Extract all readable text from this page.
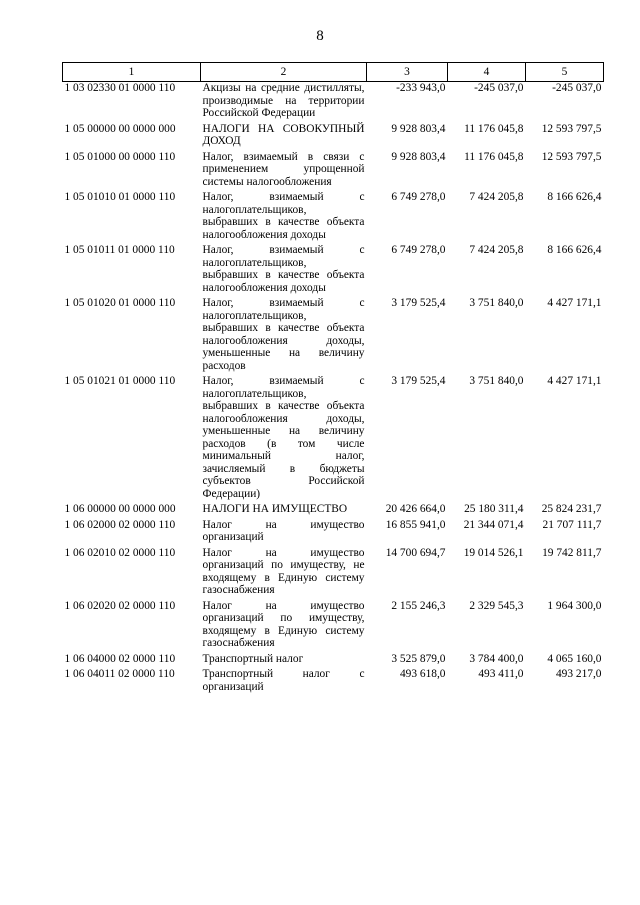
8
1	2	3	4	5
1 03 02330 01 0000 110	Акцизы на средние дистилляты, производимые на территории Российской Федерации	-233 943,0	-245 037,0	-245 037,0
1 05 00000 00 0000 000	НАЛОГИ НА СОВОКУПНЫЙ ДОХОД	9 928 803,4	11 176 045,8	12 593 797,5
1 05 01000 00 0000 110	Налог, взимаемый в связи с применением упрощенной системы налогообложения	9 928 803,4	11 176 045,8	12 593 797,5
1 05 01010 01 0000 110	Налог, взимаемый с налогоплательщиков, выбравших в качестве объекта налогообложения доходы	6 749 278,0	7 424 205,8	8 166 626,4
1 05 01011 01 0000 110	Налог, взимаемый с налогоплательщиков, выбравших в качестве объекта налогообложения доходы	6 749 278,0	7 424 205,8	8 166 626,4
1 05 01020 01 0000 110	Налог, взимаемый с налогоплательщиков, выбравших в качестве объекта налогообложения доходы, уменьшенные на величину расходов	3 179 525,4	3 751 840,0	4 427 171,1
1 05 01021 01 0000 110	Налог, взимаемый с налогоплательщиков, выбравших в качестве объекта налогообложения доходы, уменьшенные на величину расходов (в том числе минимальный налог, зачисляемый в бюджеты субъектов Российской Федерации)	3 179 525,4	3 751 840,0	4 427 171,1
1 06 00000 00 0000 000	НАЛОГИ НА ИМУЩЕСТВО	20 426 664,0	25 180 311,4	25 824 231,7
1 06 02000 02 0000 110	Налог на имущество организаций	16 855 941,0	21 344 071,4	21 707 111,7
1 06 02010 02 0000 110	Налог на имущество организаций по имуществу, не входящему в Единую систему газоснабжения	14 700 694,7	19 014 526,1	19 742 811,7
1 06 02020 02 0000 110	Налог на имущество организаций по имуществу, входящему в Единую систему газоснабжения	2 155 246,3	2 329 545,3	1 964 300,0
1 06 04000 02 0000 110	Транспортный налог	3 525 879,0	3 784 400,0	4 065 160,0
1 06 04011 02 0000 110	Транспортный налог с организаций	493 618,0	493 411,0	493 217,0
